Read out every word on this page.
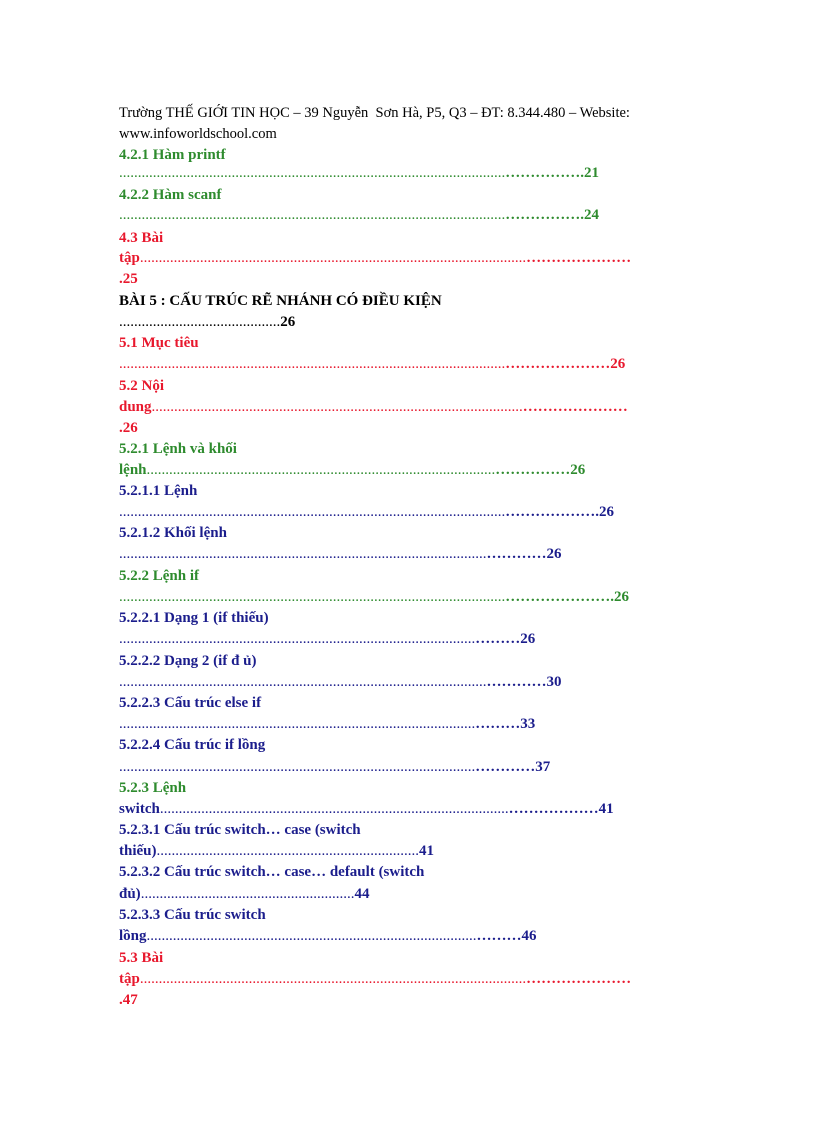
Trường THẾ GIỚI TIN HỌC – 39 Nguyễn  Sơn Hà, P5, Q3 – ĐT: 8.344.480 – Website:
www.infoworldschool.com
4.2.1 Hàm printf
.......................................................................................................…………….21
4.2.2 Hàm scanf
.......................................................................................................…………….24
4.3 Bài
tập.......................................................................................................…………………
.25
BÀI 5 : CẤU TRÚC RẼ NHÁNH CÓ ĐIỀU KIỆN
...........................................26
5.1 Mục tiêu
.......................................................................................................…………………26
5.2 Nội
dung...................................................................................................…………………
.26
5.2.1 Lệnh và khối
lệnh.............................................................................................……………26
5.2.1.1 Lệnh
.......................................................................................................……………….26
5.2.1.2 Khối lệnh
..................................................................................................…………26
5.2.2 Lệnh if
.......................................................................................................………………….26
5.2.2.1 Dạng 1 (if thiếu)
...............................................................................................………26
5.2.2.2 Dạng 2 (if đ ủ)
..................................................................................................…………30
5.2.2.3 Cấu trúc else if
...............................................................................................………33
5.2.2.4 Cấu trúc if lồng
...............................................................................................…………37
5.2.3 Lệnh
switch.............................................................................................………………41
5.2.3.1 Cấu trúc switch… case (switch
thiếu)......................................................................41
5.2.3.2 Cấu trúc switch… case… default (switch
đủ).........................................................44
5.2.3.3 Cấu trúc switch
lồng........................................................................................………46
5.3 Bài
tập.......................................................................................................…………………
.47
